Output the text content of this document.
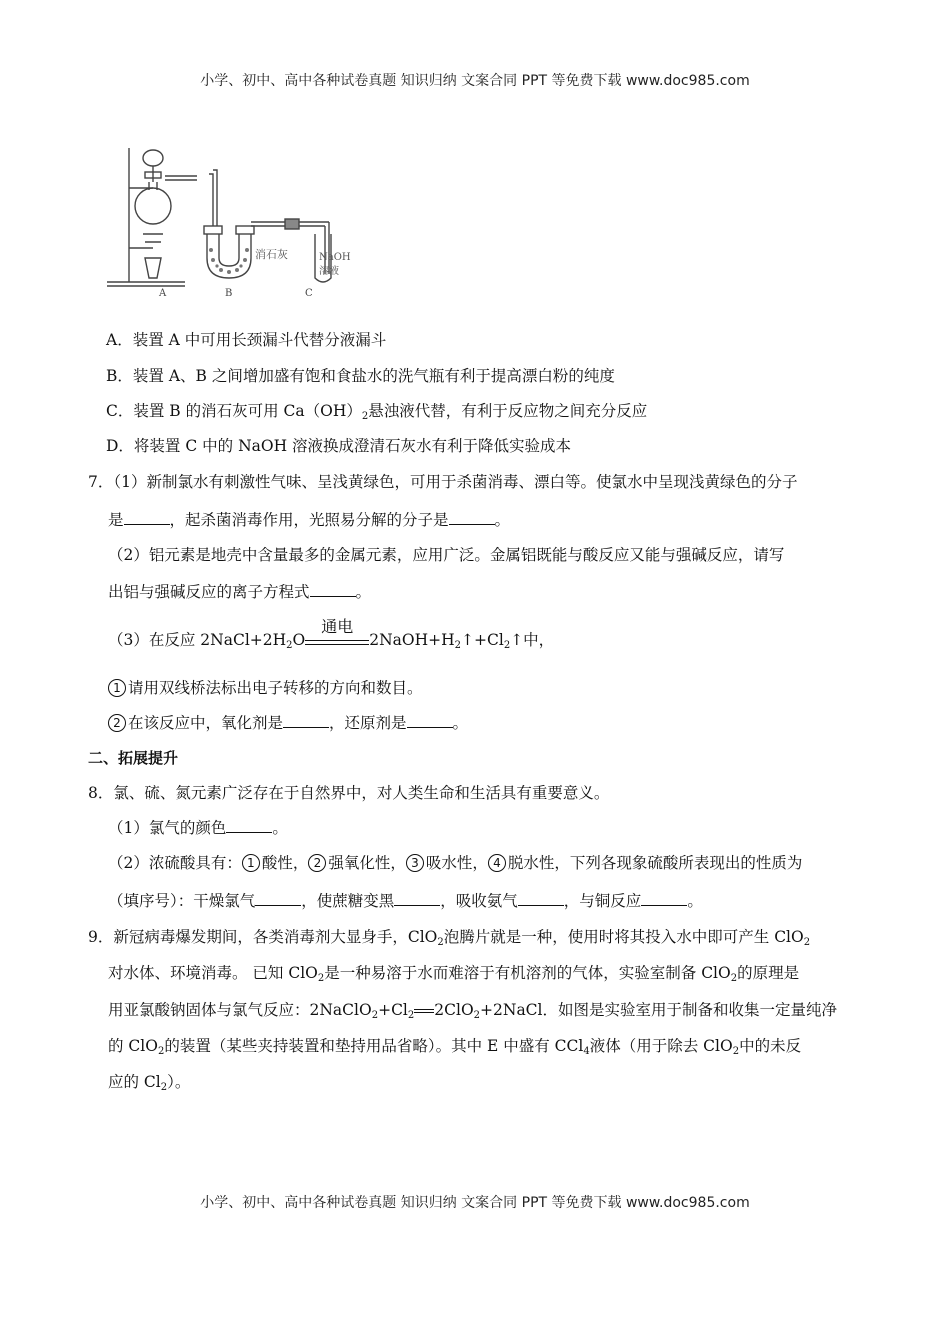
小学、初中、高中各种试卷真题 知识归纳 文案合同 PPT 等免费下载 www.doc985.com
A	B	C
消石灰	NaOH
溶液
A．装置 A 中可用长颈漏斗代替分液漏斗
B．装置 A、B 之间增加盛有饱和食盐水的洗气瓶有利于提高漂白粉的纯度
C．装置 B 的消石灰可用 $Ca(OH)_2$悬浊液代替，有利于反应物之间充分反应
D．将装置 C 中的 NaOH 溶液换成澄清石灰水有利于降低实验成本
7．（1）新制氯水有刺激性气味、呈浅黄绿色，可用于杀菌消毒、漂白等。使氯水中呈现浅黄绿色的分子
是	，起杀菌消毒作用，光照易分解的分子是	。
（2）铝元素是地壳中含量最多的金属元素，应用广泛。金属铝既能与酸反应又能与强碱反应，请写
出铝与强碱反应的离子方程式	。
（3）在反应 $2NaCl+2H_2O$
通电
$2NaOH+H_2↑+Cl_2↑$中，
1 请用双线桥法标出电子转移的方向和数目。
2 在该反应中，氧化剂是	，还原剂是	。
二、拓展提升
8．氯、硫、氮元素广泛存在于自然界中，对人类生命和生活具有重要意义。
（1）氯气的颜色	。
（2）浓硫酸具有： 1 酸性， 2 强氧化性， 3 吸水性， 4 脱水性，下列各现象硫酸所表现出的性质为
（填序号）：干燥氯气	，使蔗糖变黑	，吸收氨气	，与铜反应	。
9．新冠病毒爆发期间，各类消毒剂大显身手，ClO$_2$泡腾片就是一种，使用时将其投入水中即可产生 ClO$_2$
对水体、环境消毒。 已知 ClO$_2$是一种易溶于水而难溶于有机溶剂的气体，实验室制备 ClO$_2$的原理是
用亚氯酸钠固体与氯气反应：$2NaClO_2+Cl_2$ 2ClO$_2$+2NaCl．如图是实验室用于制备和收集一定量纯净
的 ClO$_2$的装置（某些夹持装置和垫持用品省略）。其中 E 中盛有 CCl$_4$液体（用于除去 ClO$_2$中的未反
应的 $Cl_2$）。
小学、初中、高中各种试卷真题 知识归纳 文案合同 PPT 等免费下载 www.doc985.com
